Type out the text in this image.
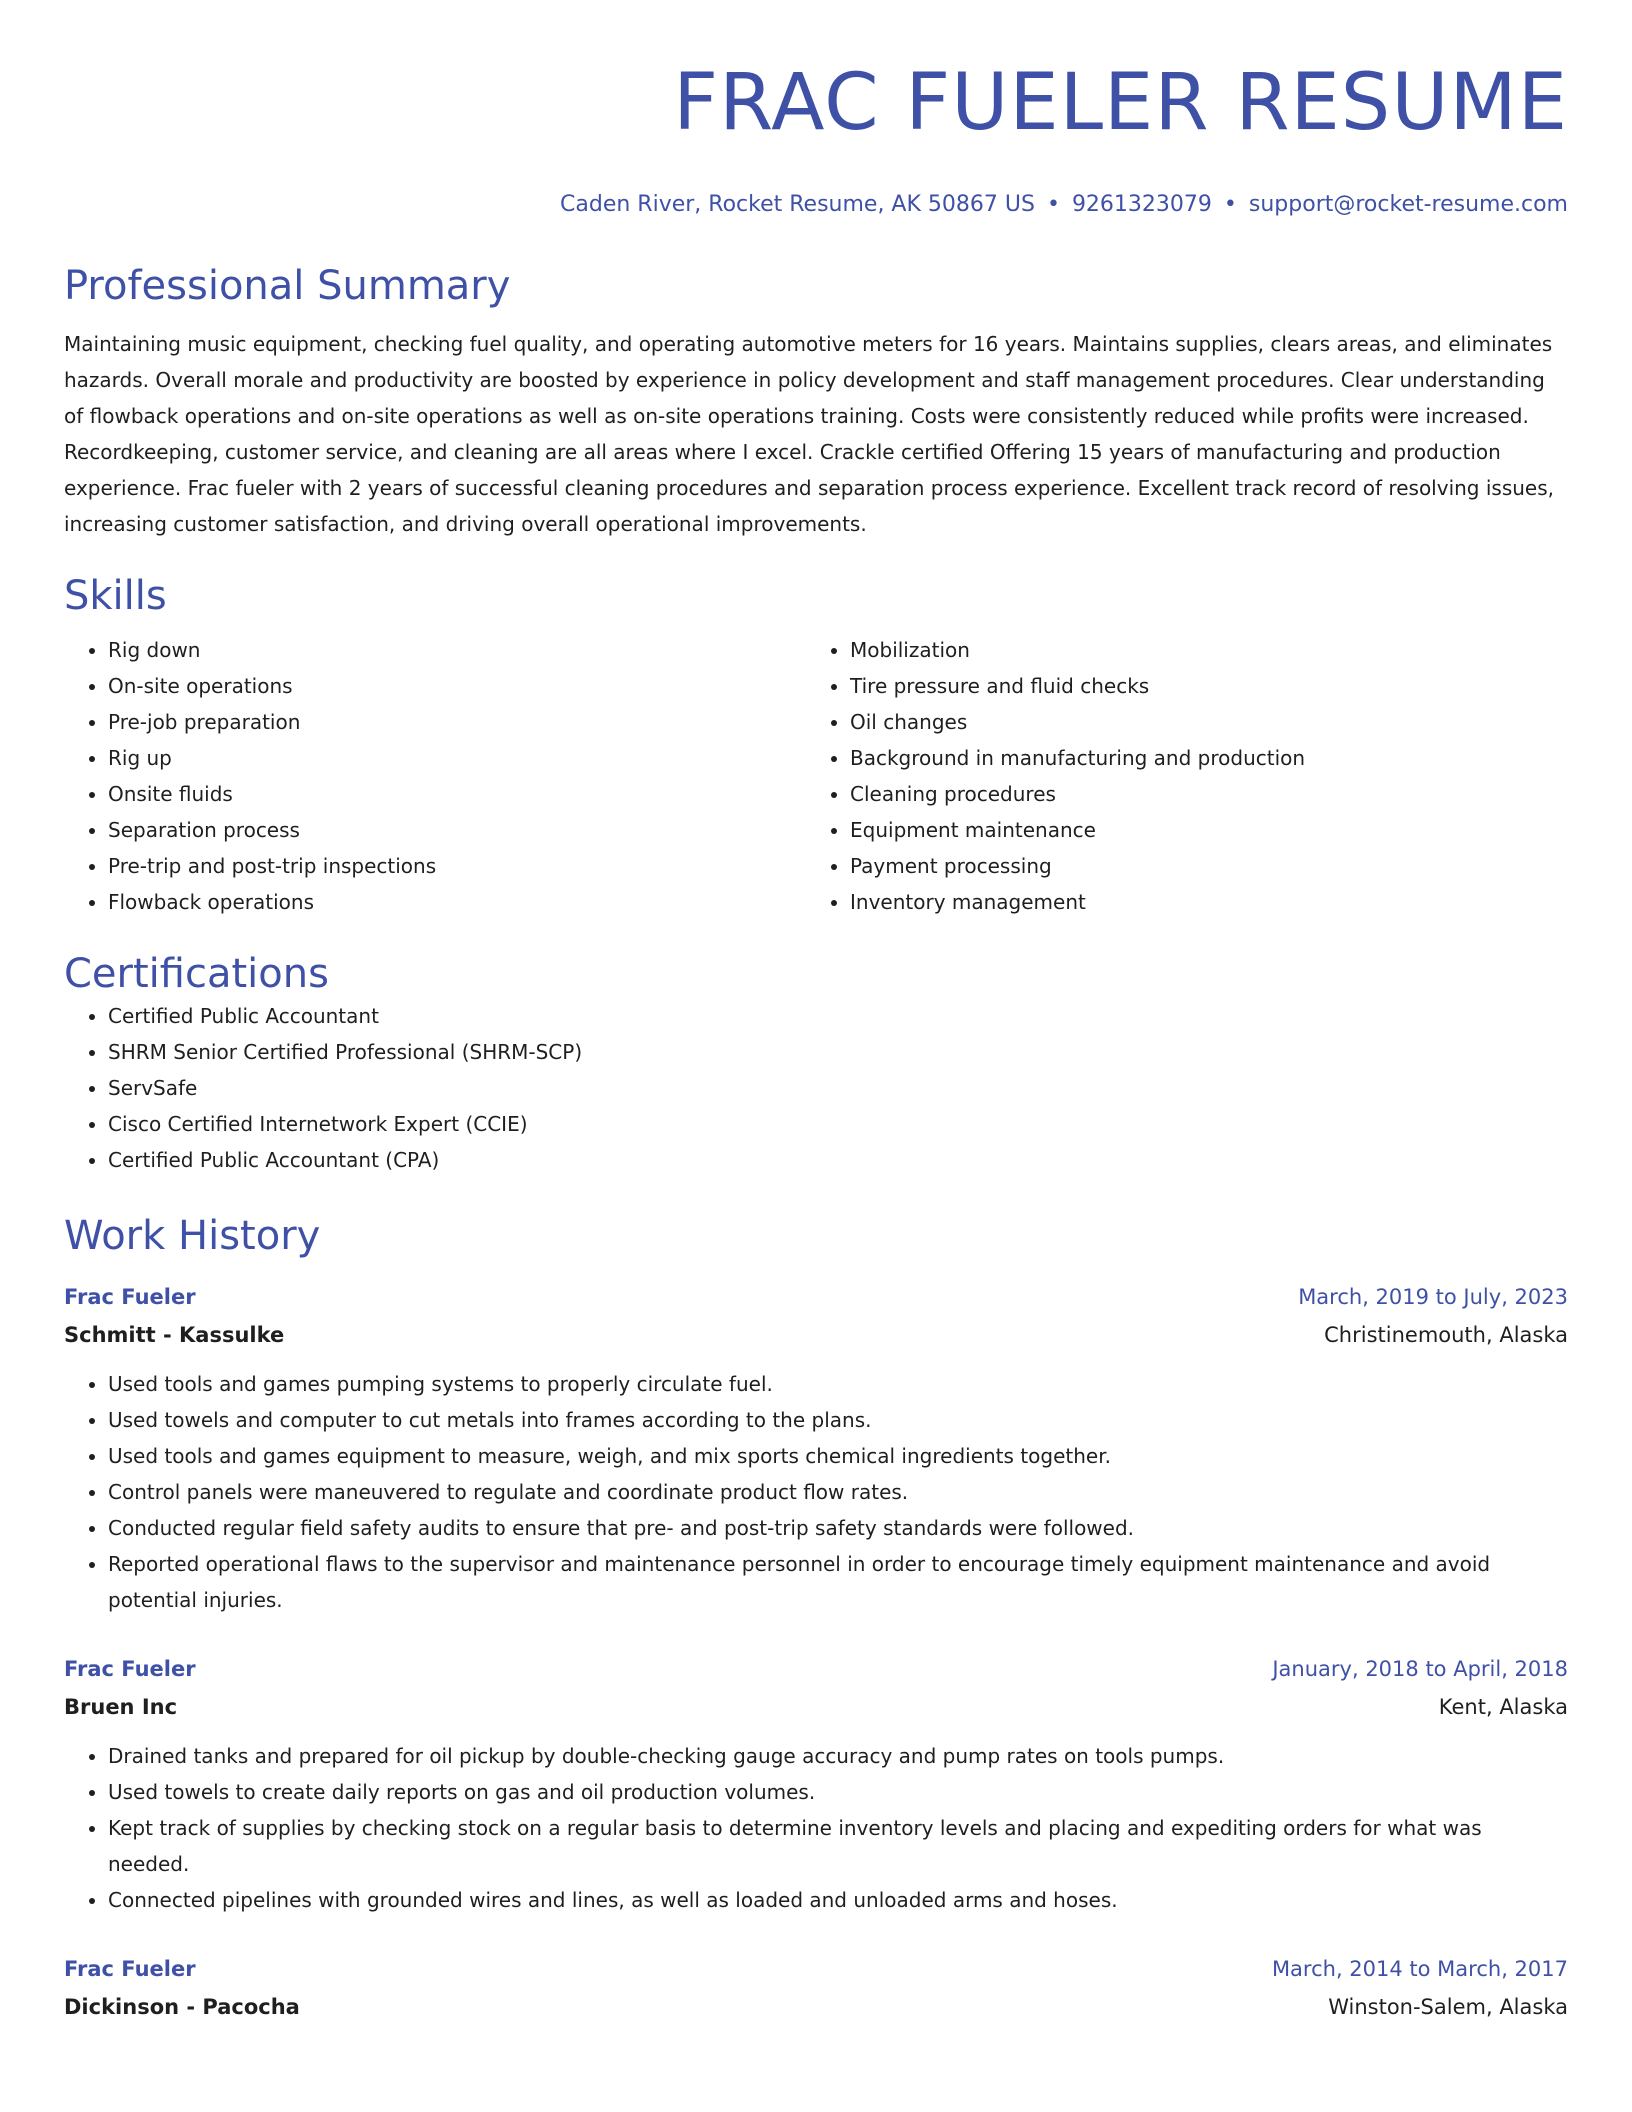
FRAC FUELER RESUME
Caden River, Rocket Resume, AK 50867 US • 9261323079 • support@rocket-resume.com
Professional Summary

Maintaining music equipment, checking fuel quality, and operating automotive meters for 16 years. Maintains supplies, clears areas, and eliminates hazards. Overall morale and productivity are boosted by experience in policy development and staff management procedures. Clear understanding of flowback operations and on-site operations as well as on-site operations training. Costs were consistently reduced while profits were increased. Recordkeeping, customer service, and cleaning are all areas where I excel. Crackle certified Offering 15 years of manufacturing and production experience. Frac fueler with 2 years of successful cleaning procedures and separation process experience. Excellent track record of resolving issues, increasing customer satisfaction, and driving overall operational improvements.

Skills
• Rig down
• On-site operations
• Pre-job preparation
• Rig up
• Onsite fluids
• Separation process
• Pre-trip and post-trip inspections
• Flowback operations
• Mobilization
• Tire pressure and fluid checks
• Oil changes
• Background in manufacturing and production
• Cleaning procedures
• Equipment maintenance
• Payment processing
• Inventory management
Certifications
• Certified Public Accountant
• SHRM Senior Certified Professional (SHRM-SCP)
• ServSafe
• Cisco Certified Internetwork Expert (CCIE)
• Certified Public Accountant (CPA)
Work History
Frac Fueler	March, 2019 to July, 2023
Schmitt - Kassulke	Christinemouth, Alaska
• Used tools and games pumping systems to properly circulate fuel.
• Used towels and computer to cut metals into frames according to the plans.
• Used tools and games equipment to measure, weigh, and mix sports chemical ingredients together.
• Control panels were maneuvered to regulate and coordinate product flow rates.
• Conducted regular field safety audits to ensure that pre- and post-trip safety standards were followed.
• Reported operational flaws to the supervisor and maintenance personnel in order to encourage timely equipment maintenance and avoid potential injuries.
Frac Fueler	January, 2018 to April, 2018
Bruen Inc	Kent, Alaska
• Drained tanks and prepared for oil pickup by double-checking gauge accuracy and pump rates on tools pumps.
• Used towels to create daily reports on gas and oil production volumes.
• Kept track of supplies by checking stock on a regular basis to determine inventory levels and placing and expediting orders for what was needed.
• Connected pipelines with grounded wires and lines, as well as loaded and unloaded arms and hoses.
Frac Fueler	March, 2014 to March, 2017
Dickinson - Pacocha	Winston-Salem, Alaska
